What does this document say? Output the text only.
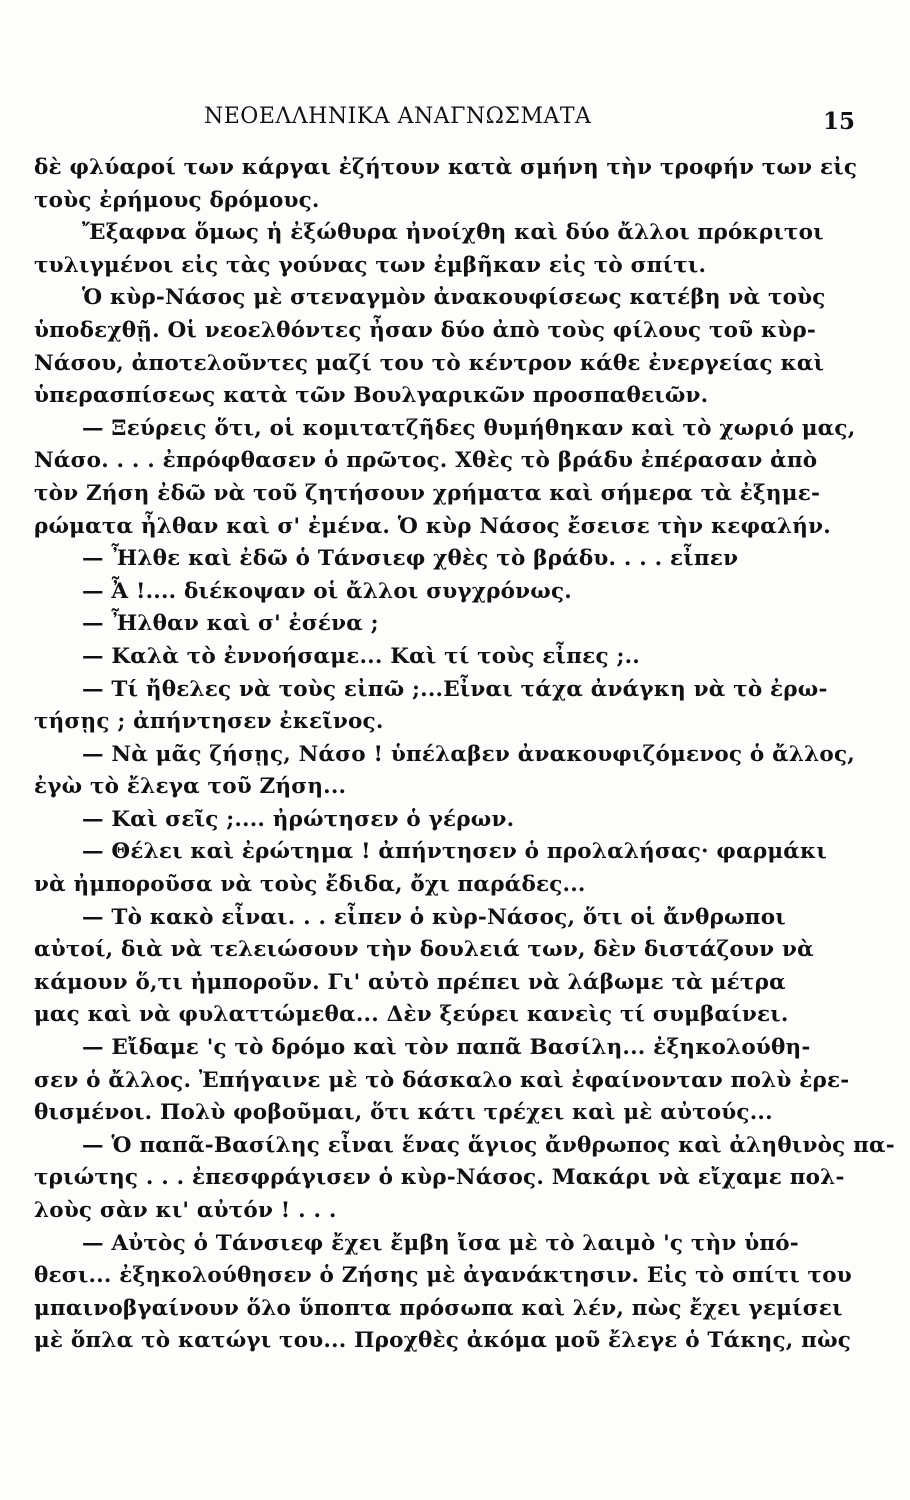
ΝΕΟΕΛΛΗΝΙΚΑ ΑΝΑΓΝΩΣΜΑΤΑ	15
δὲ φλύαροί των κάργαι ἐζήτουν κατὰ σμήνη τὴν τροφήν των εἰς
τοὺς ἐρήμους δρόμους.
Ἔξαφνα ὅμως ἡ ἐξώθυρα ἠνοίχθη καὶ δύο ἄλλοι πρόκριτοι
τυλιγμένοι εἰς τὰς γούνας των ἐμβῆκαν εἰς τὸ σπίτι.
Ὁ κὺρ-Νάσος μὲ στεναγμὸν ἀνακουφίσεως κατέβη νὰ τοὺς
ὑποδεχθῇ. Οἱ νεοελθόντες ἦσαν δύο ἀπὸ τοὺς φίλους τοῦ κὺρ-
Νάσου, ἀποτελοῦντες μαζί του τὸ κέντρον κάθε ἐνεργείας καὶ
ὑπερασπίσεως κατὰ τῶν Βουλγαρικῶν προσπαθειῶν.
— Ξεύρεις ὅτι, οἱ κομιτατζῆδες θυμήθηκαν καὶ τὸ χωριό μας,
Νάσο. . . . ἐπρόφθασεν ὁ πρῶτος. Χθὲς τὸ βράδυ ἐπέρασαν ἀπὸ
τὸν Ζήση ἐδῶ νὰ τοῦ ζητήσουν χρήματα καὶ σήμερα τὰ ἐξημε-
ρώματα ἦλθαν καὶ σ' ἐμένα. Ὁ κὺρ Νάσος ἔσεισε τὴν κεφαλήν.
— Ἦλθε καὶ ἐδῶ ὁ Τάνσιεφ χθὲς τὸ βράδυ. . . . εἶπεν
— Ἆ !.... διέκοψαν οἱ ἄλλοι συγχρόνως.
— Ἦλθαν καὶ σ' ἐσένα ;
— Καλὰ τὸ ἐννοήσαμε... Καὶ τί τοὺς εἶπες ;..
— Τί ἤθελες νὰ τοὺς εἰπῶ ;...Εἶναι τάχα ἀνάγκη νὰ τὸ ἐρω-
τήσῃς ; ἀπήντησεν ἐκεῖνος.
— Νὰ μᾶς ζήσῃς, Νάσο ! ὑπέλαβεν ἀνακουφιζόμενος ὁ ἄλλος,
ἐγὼ τὸ ἔλεγα τοῦ Ζήση...
— Καὶ σεῖς ;.... ἠρώτησεν ὁ γέρων.
— Θέλει καὶ ἐρώτημα ! ἀπήντησεν ὁ προλαλήσας· φαρμάκι
νὰ ἠμποροῦσα νὰ τοὺς ἔδιδα, ὄχι παράδες...
— Τὸ κακὸ εἶναι. . . εἶπεν ὁ κὺρ-Νάσος, ὅτι οἱ ἄνθρωποι
αὐτοί, διὰ νὰ τελειώσουν τὴν δουλειά των, δὲν διστάζουν νὰ
κάμουν ὅ,τι ἠμποροῦν. Γι' αὐτὸ πρέπει νὰ λάβωμε τὰ μέτρα
μας καὶ νὰ φυλαττώμεθα... Δὲν ξεύρει κανεὶς τί συμβαίνει.
— Εἴδαμε 'ς τὸ δρόμο καὶ τὸν παπᾶ Βασίλη... ἐξηκολούθη-
σεν ὁ ἄλλος. Ἐπήγαινε μὲ τὸ δάσκαλο καὶ ἐφαίνονταν πολὺ ἐρε-
θισμένοι. Πολὺ φοβοῦμαι, ὅτι κάτι τρέχει καὶ μὲ αὐτούς...
— Ὁ παπᾶ-Βασίλης εἶναι ἕνας ἅγιος ἄνθρωπος καὶ ἀληθινὸς πα-
τριώτης . . . ἐπεσφράγισεν ὁ κὺρ-Νάσος. Μακάρι νὰ εἴχαμε πολ-
λοὺς σὰν κι' αὐτόν ! . . .
— Αὐτὸς ὁ Τάνσιεφ ἔχει ἔμβη ἴσα μὲ τὸ λαιμὸ 'ς τὴν ὑπό-
θεσι... ἐξηκολούθησεν ὁ Ζήσης μὲ ἀγανάκτησιν. Εἰς τὸ σπίτι του
μπαινοβγαίνουν ὅλο ὕποπτα πρόσωπα καὶ λέν, πὼς ἔχει γεμίσει
μὲ ὅπλα τὸ κατώγι του... Προχθὲς ἀκόμα μοῦ ἔλεγε ὁ Τάκης, πὼς
